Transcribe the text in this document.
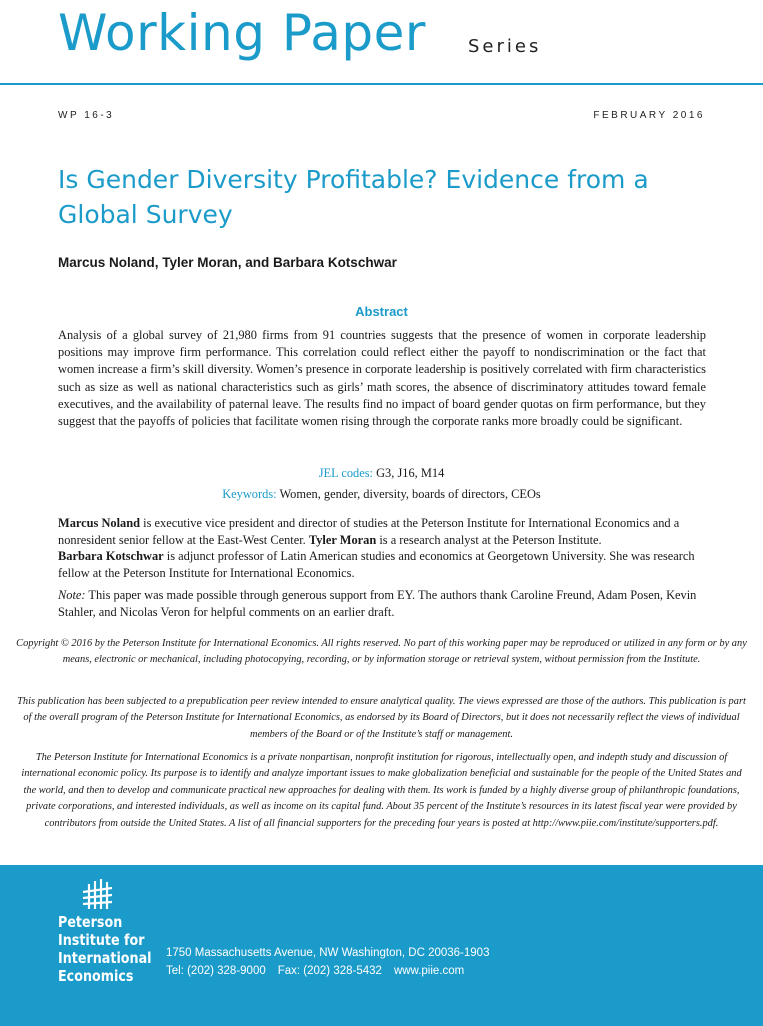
Working Paper Series
WP 16-3	FEBRUARY 2016
Is Gender Diversity Profitable? Evidence from a Global Survey
Marcus Noland, Tyler Moran, and Barbara Kotschwar
Abstract

Analysis of a global survey of 21,980 firms from 91 countries suggests that the presence of women in corporate leadership positions may improve firm performance. This correlation could reflect either the payoff to nondiscrimination or the fact that women increase a firm’s skill diversity. Women’s presence in corporate leadership is positively correlated with firm characteristics such as size as well as national characteristics such as girls’ math scores, the absence of discriminatory attitudes toward female executives, and the availability of paternal leave. The results find no impact of board gender quotas on firm performance, but they suggest that the payoffs of policies that facilitate women rising through the corporate ranks more broadly could be significant.

JEL codes: G3, J16, M14
Keywords: Women, gender, diversity, boards of directors, CEOs

Marcus Noland is executive vice president and director of studies at the Peterson Institute for International Economics and a nonresident senior fellow at the East-West Center. Tyler Moran is a research analyst at the Peterson Institute.
Barbara Kotschwar is adjunct professor of Latin American studies and economics at Georgetown University. She was research fellow at the Peterson Institute for International Economics.

Note: This paper was made possible through generous support from EY. The authors thank Caroline Freund, Adam Posen, Kevin Stahler, and Nicolas Veron for helpful comments on an earlier draft.

Copyright © 2016 by the Peterson Institute for International Economics. All rights reserved. No part of this working paper may be reproduced or utilized in any form or by any means, electronic or mechanical, including photocopying, recording, or by information storage or retrieval system, without permission from the Institute.

This publication has been subjected to a prepublication peer review intended to ensure analytical quality. The views expressed are those of the authors. This publication is part of the overall program of the Peterson Institute for International Economics, as endorsed by its Board of Directors, but it does not necessarily reflect the views of individual members of the Board or of the Institute’s staff or management.

The Peterson Institute for International Economics is a private nonpartisan, nonprofit institution for rigorous, intellectually open, and indepth study and discussion of international economic policy. Its purpose is to identify and analyze important issues to make globalization beneficial and sustainable for the people of the United States and the world, and then to develop and communicate practical new approaches for dealing with them. Its work is funded by a highly diverse group of philanthropic foundations, private corporations, and interested individuals, as well as income on its capital fund. About 35 percent of the Institute’s resources in its latest fiscal year were provided by contributors from outside the United States. A list of all financial supporters for the preceding four years is posted at http://www.piie.com/institute/supporters.pdf.

Peterson
Institute for
International
Economics

1750 Massachusetts Avenue, NW Washington, DC 20036-1903
Tel: (202) 328-9000 Fax: (202) 328-5432 www.piie.com
